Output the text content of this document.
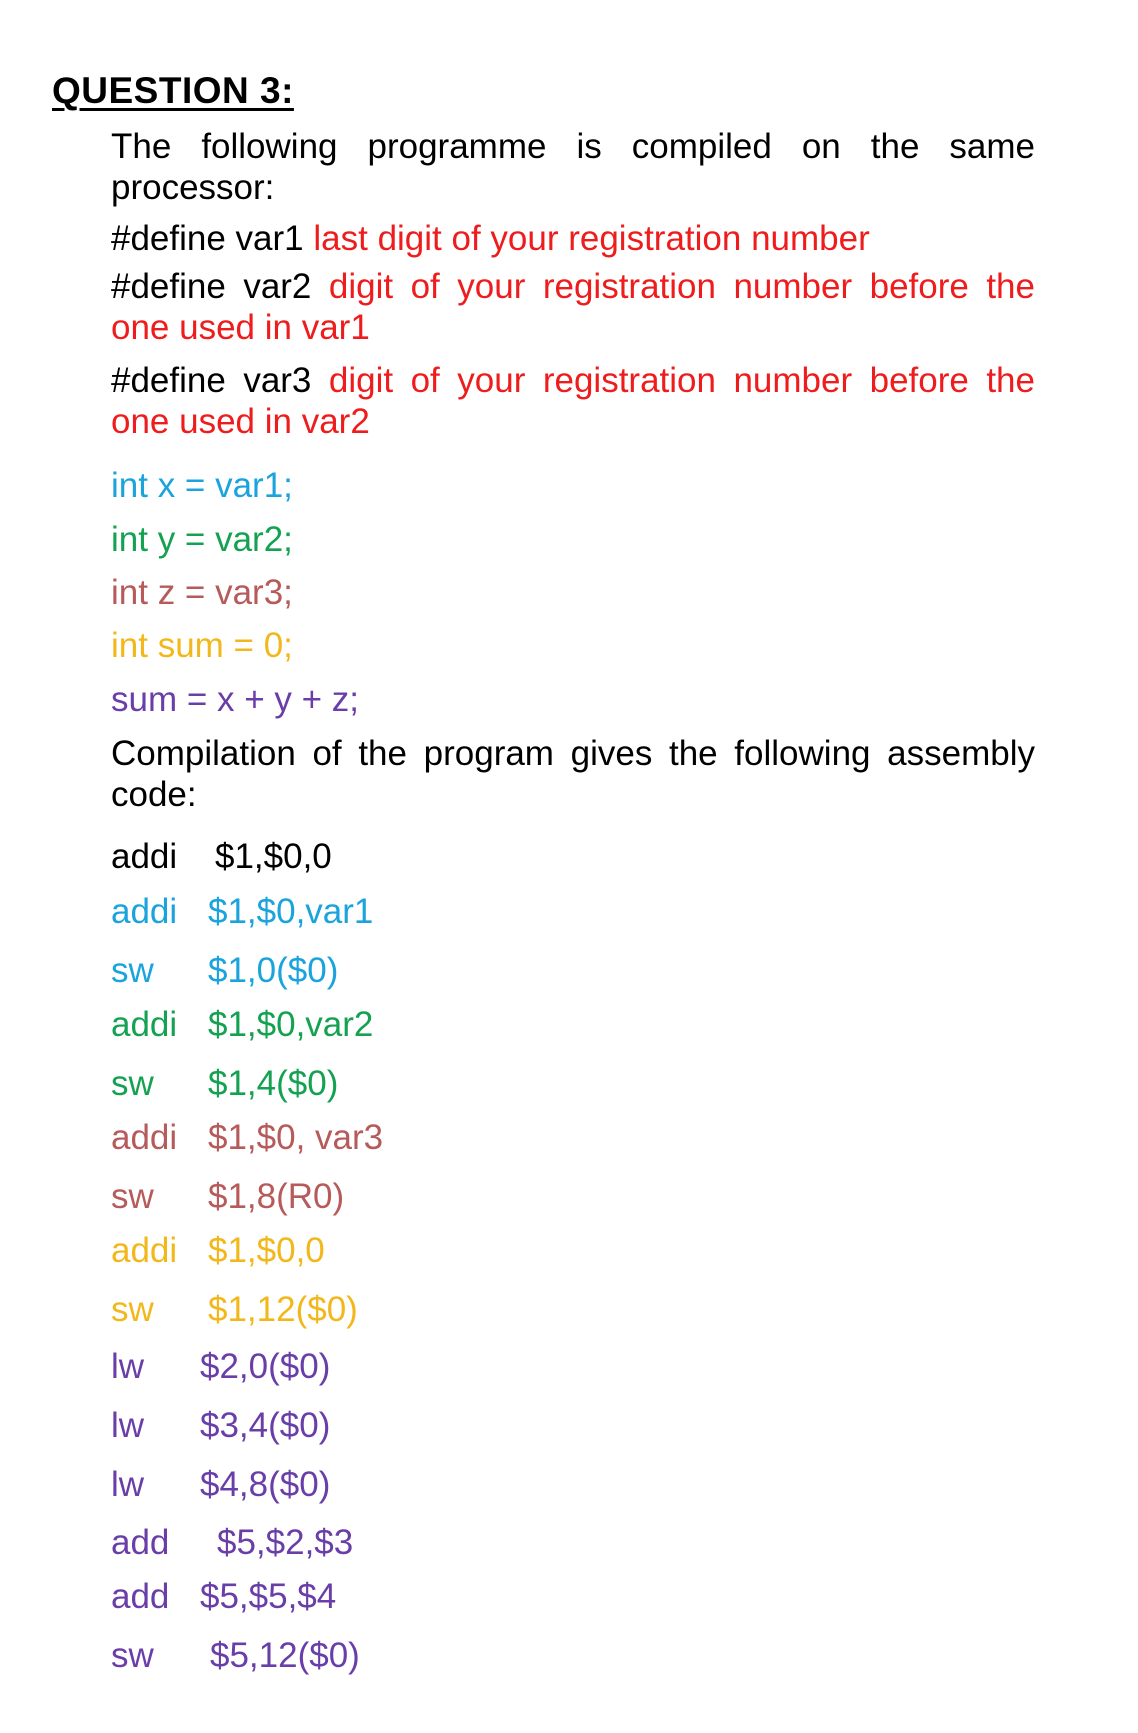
QUESTION 3:
The following programme is compiled on the same processor:
#define var1 last digit of your registration number
#define var2 digit of your registration number before the one used in var1
#define var3 digit of your registration number before the one used in var2
int x = var1;
int y = var2;
int z = var3;
int sum = 0;
sum = x + y + z;
Compilation of the program gives the following assembly code:
addi $1,$0,0
addi $1,$0,var1
sw $1,0($0)
addi $1,$0,var2
sw $1,4($0)
addi $1,$0, var3
sw $1,8(R0)
addi $1,$0,0
sw $1,12($0)
lw $2,0($0)
lw $3,4($0)
lw $4,8($0)
add $5,$2,$3
add $5,$5,$4
sw $5,12($0)
